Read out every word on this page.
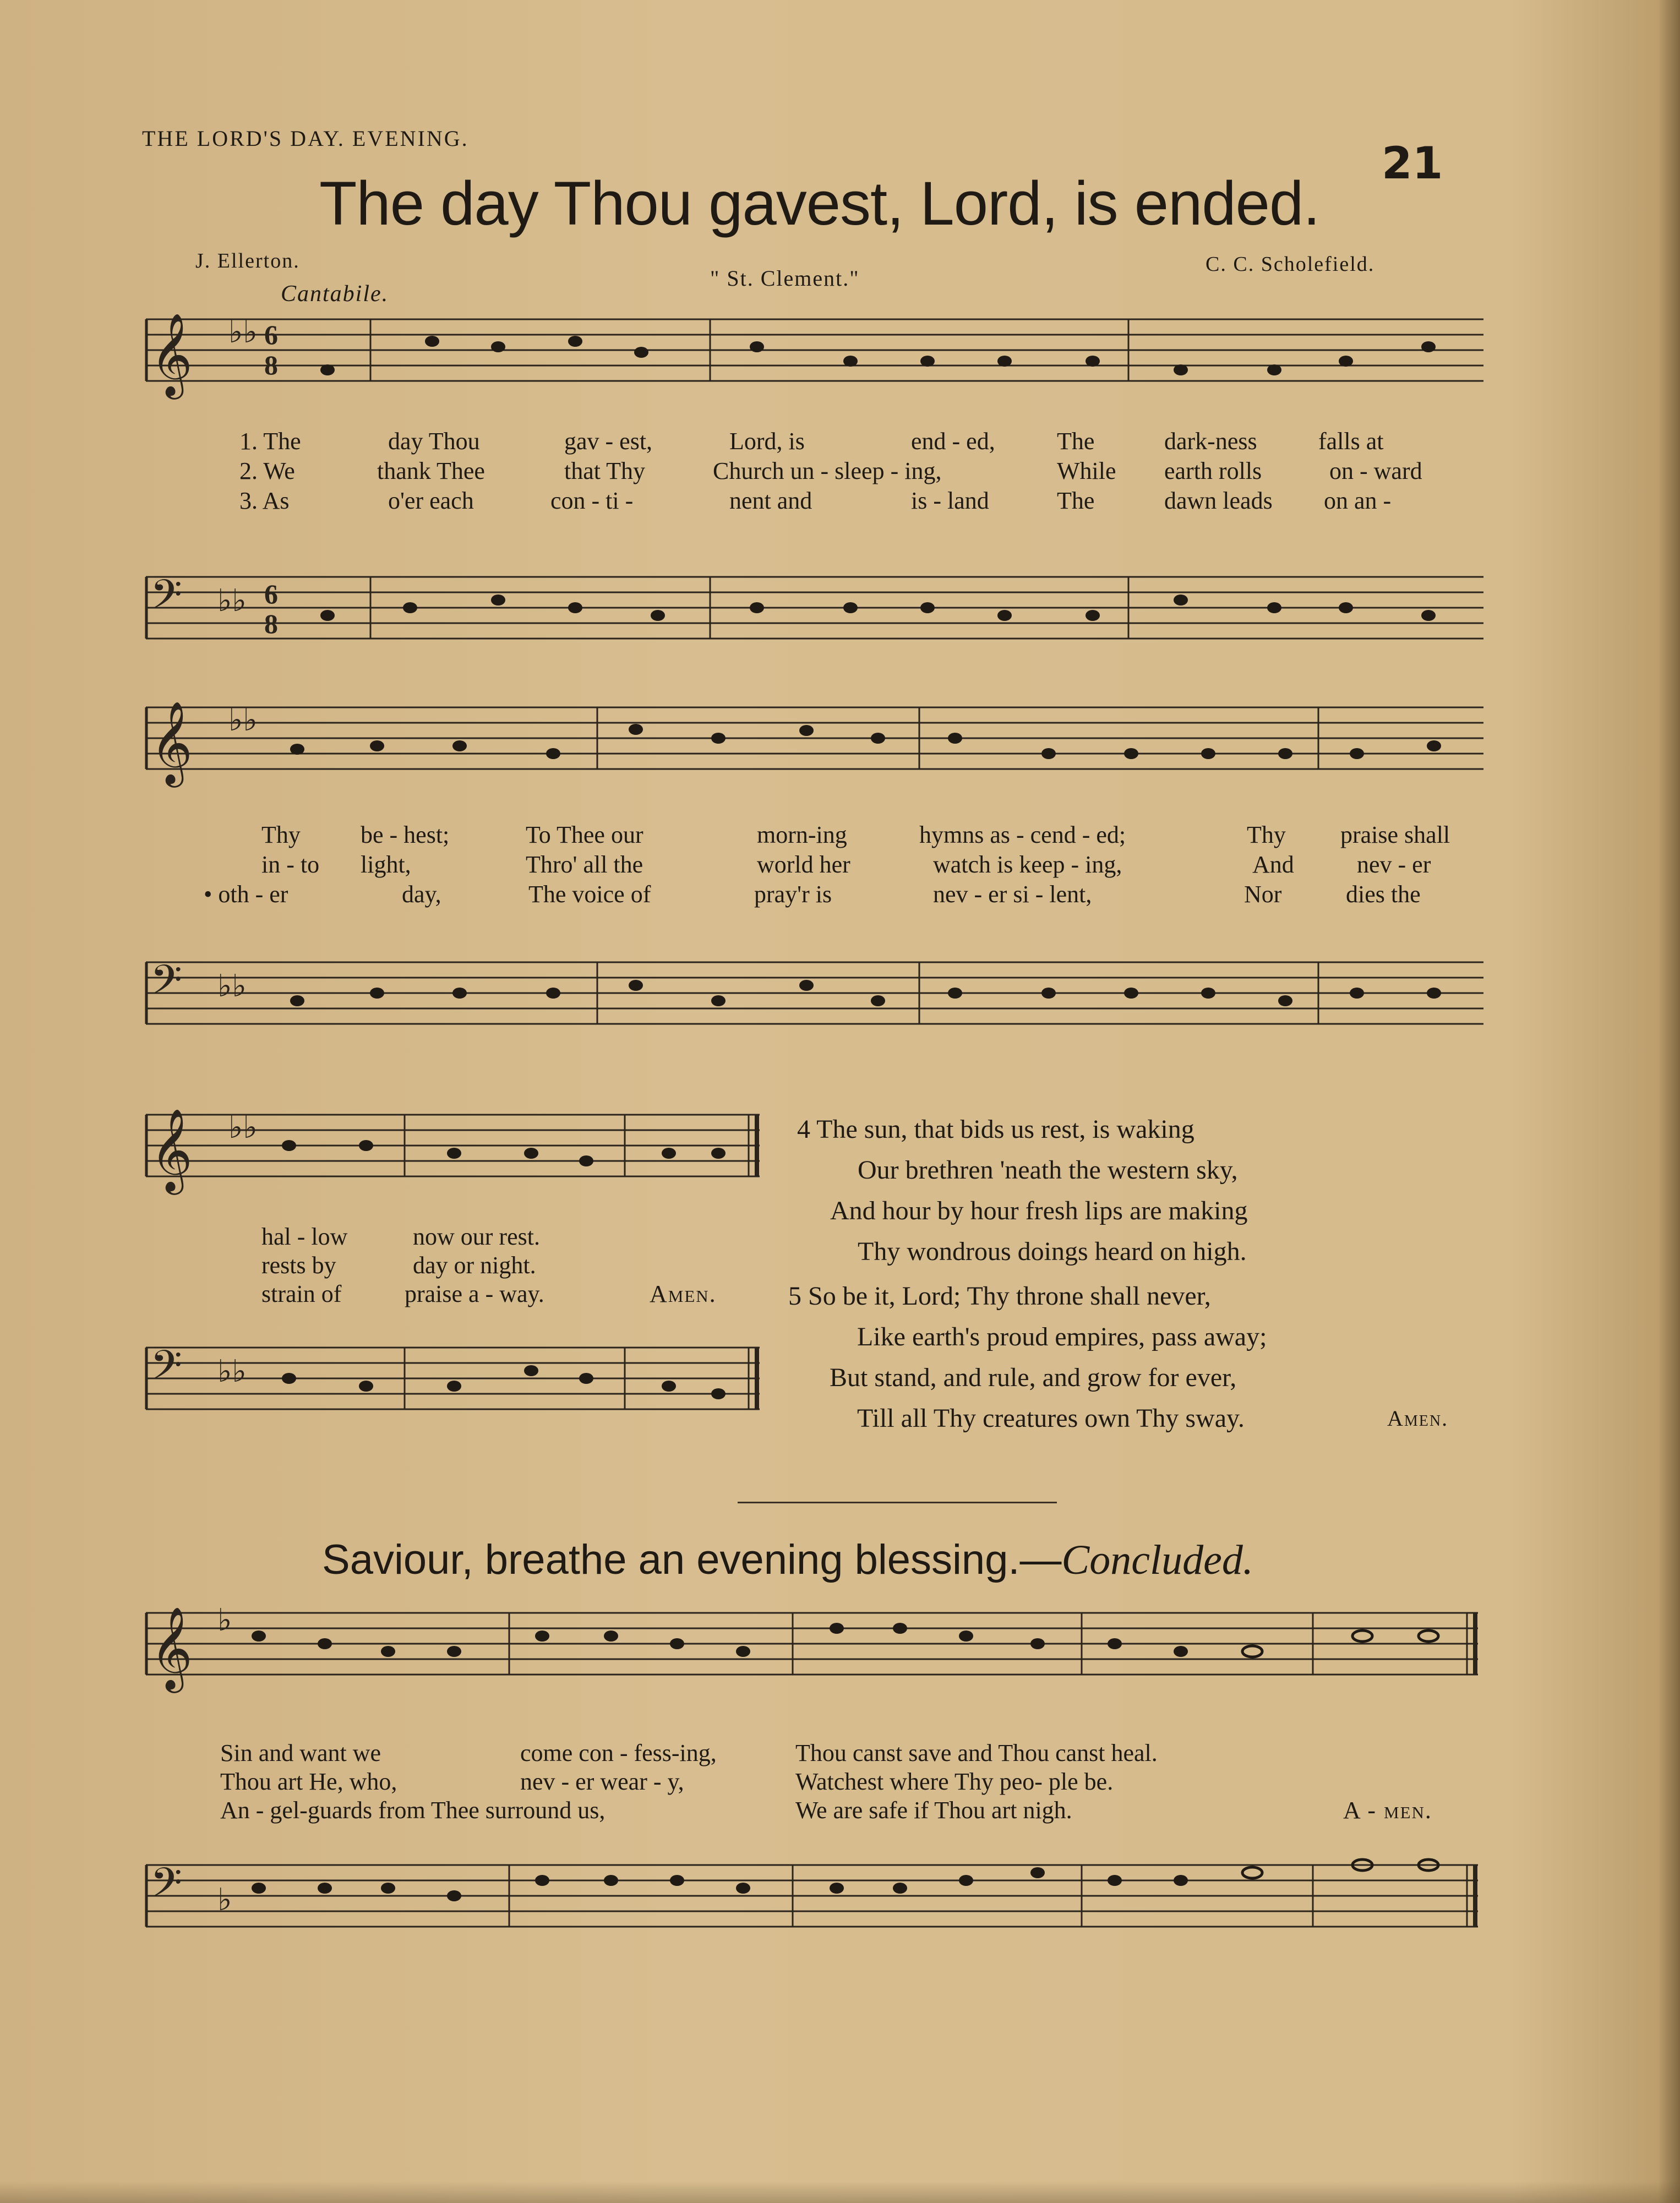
THE LORD'S DAY. EVENING.	21
The day Thou gavest, Lord, is ended.
J. Ellerton.
Cantabile.
" St. Clement."
C. C. Scholefield.
𝄞 ♭♭ 6
8
1. The	day Thou	gav - est,	Lord, is	end - ed,	The	dark-ness	falls at
2. We	thank Thee	that Thy	Church un - sleep - ing,	While earth rolls	on - ward
3. As	o'er each	con - ti -	nent and	is - land	The	dawn leads on an -
𝄢 ♭♭ 6
8
𝄞 ♭♭
Thy be - hest;	To Thee our	morn-ing	hymns as - cend - ed;	Thy praise shall
in - to light,	Thro' all the	world her	watch is keep - ing,	And	nev - er
• oth - er	day,	The voice of	pray'r is	nev - er si - lent,	Nor	dies the
𝄢 ♭♭
𝄞 ♭♭
hal - low	now our rest.
rests by	day or night.
strain of	praise a - way.	Amen.
𝄢 ♭♭
4 The sun, that bids us rest, is waking
Our brethren 'neath the western sky,
And hour by hour fresh lips are making
Thy wondrous doings heard on high.
5 So be it, Lord; Thy throne shall never,
Like earth's proud empires, pass away;
But stand, and rule, and grow for ever,
Till all Thy creatures own Thy sway.	Amen.
Saviour, breathe an evening blessing.—Concluded.
𝄞 ♭
Sin and want we	come con - fess-ing,	Thou canst save and Thou canst heal.
Thou art He, who,	nev - er wear - y,	Watchest where Thy peo- ple be.
An - gel-guards from Thee surround us,	We are safe if Thou art nigh.	A - men.
𝄢 ♭
